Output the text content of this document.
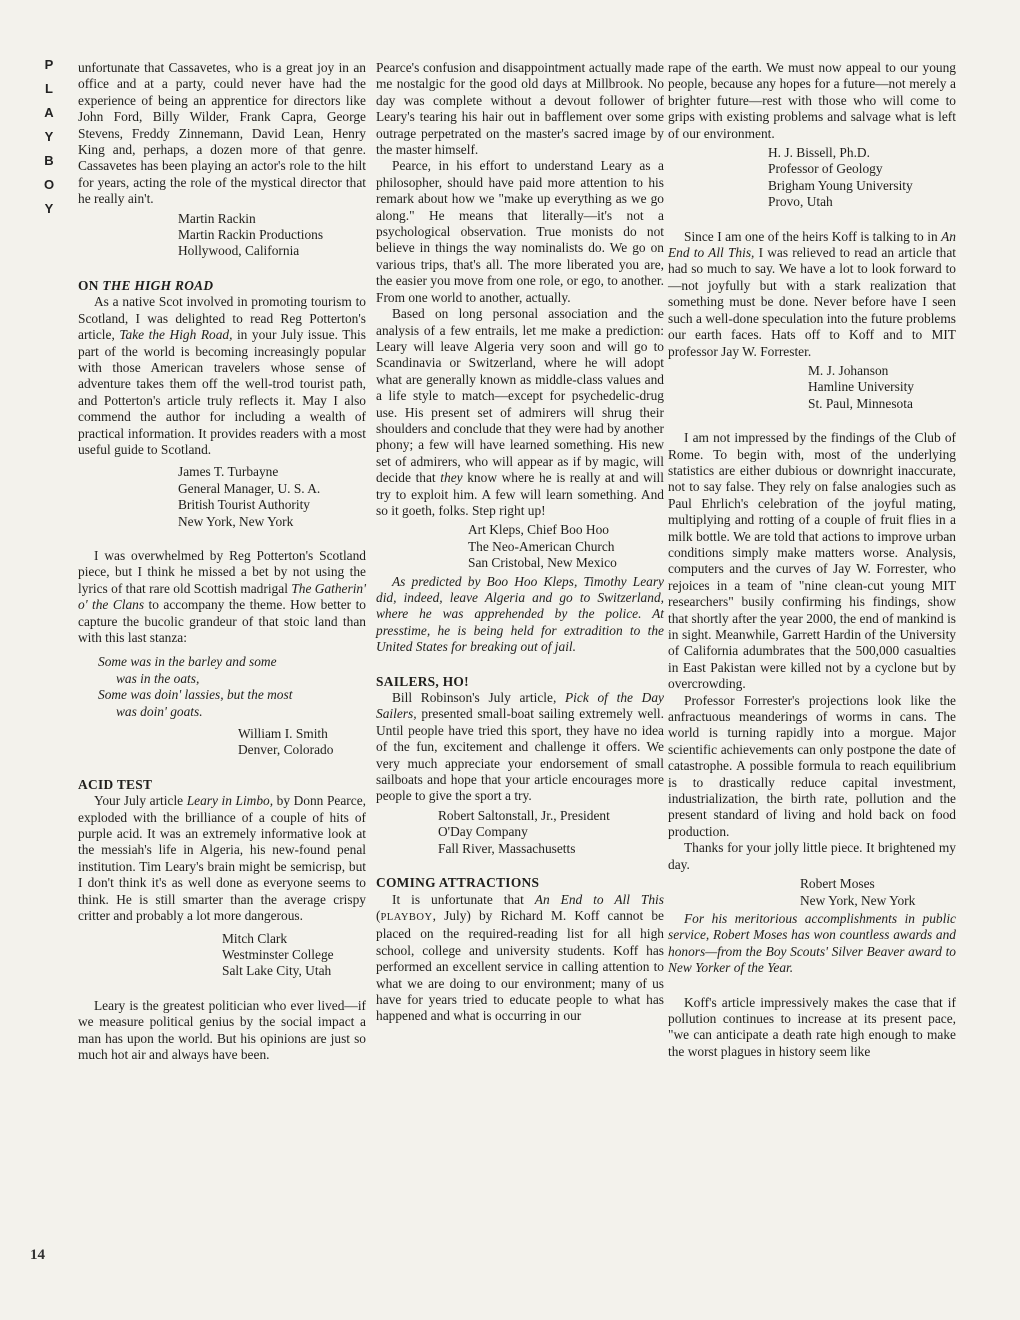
P
L
A
Y
B
O
Y
14

unfortunate that Cassavetes, who is a great joy in an office and at a party, could never have had the experience of being an apprentice for directors like John Ford, Billy Wilder, Frank Capra, George Stevens, Freddy Zinnemann, David Lean, Henry King and, perhaps, a dozen more of that genre. Cassavetes has been playing an actor's role to the hilt for years, acting the role of the mystical director that he really ain't.

Martin Rackin
Martin Rackin Productions
Hollywood, California
ON THE HIGH ROAD

As a native Scot involved in promoting tourism to Scotland, I was delighted to read Reg Potterton's article, Take the High Road, in your July issue. This part of the world is becoming increasingly popular with those American travelers whose sense of adventure takes them off the well-trod tourist path, and Potterton's article truly reflects it. May I also commend the author for including a wealth of practical information. It provides readers with a most useful guide to Scotland.

James T. Turbayne
General Manager, U. S. A.
British Tourist Authority
New York, New York

I was overwhelmed by Reg Potterton's Scotland piece, but I think he missed a bet by not using the lyrics of that rare old Scottish madrigal The Gatherin' o' the Clans to accompany the theme. How better to capture the bucolic grandeur of that stoic land than with this last stanza:

Some was in the barley and some
was in the oats,
Some was doin' lassies, but the most
was doin' goats.
William I. Smith
Denver, Colorado
ACID TEST

Your July article Leary in Limbo, by Donn Pearce, exploded with the brilliance of a couple of hits of purple acid. It was an extremely informative look at the messiah's life in Algeria, his new-found penal institution. Tim Leary's brain might be semicrisp, but I don't think it's as well done as everyone seems to think. He is still smarter than the average crispy critter and probably a lot more dangerous.

Mitch Clark
Westminster College
Salt Lake City, Utah

Leary is the greatest politician who ever lived—if we measure political genius by the social impact a man has upon the world. But his opinions are just so much hot air and always have been.

Pearce's confusion and disappointment actually made me nostalgic for the good old days at Millbrook. No day was complete without a devout follower of Leary's tearing his hair out in bafflement over some outrage perpetrated on the master's sacred image by the master himself.

Pearce, in his effort to understand Leary as a philosopher, should have paid more attention to his remark about how we "make up everything as we go along." He means that literally—it's not a psychological observation. True monists do not believe in things the way nominalists do. We go on various trips, that's all. The more liberated you are, the easier you move from one role, or ego, to another. From one world to another, actually.

Based on long personal association and the analysis of a few entrails, let me make a prediction: Leary will leave Algeria very soon and will go to Scandinavia or Switzerland, where he will adopt what are generally known as middle-class values and a life style to match—except for psychedelic-drug use. His present set of admirers will shrug their shoulders and conclude that they were had by another phony; a few will have learned something. His new set of admirers, who will appear as if by magic, will decide that they know where he is really at and will try to exploit him. A few will learn something. And so it goeth, folks. Step right up!

Art Kleps, Chief Boo Hoo
The Neo-American Church
San Cristobal, New Mexico

As predicted by Boo Hoo Kleps, Timothy Leary did, indeed, leave Algeria and go to Switzerland, where he was apprehended by the police. At presstime, he is being held for extradition to the United States for breaking out of jail.

SAILERS, HO!

Bill Robinson's July article, Pick of the Day Sailers, presented small-boat sailing extremely well. Until people have tried this sport, they have no idea of the fun, excitement and challenge it offers. We very much appreciate your endorsement of small sailboats and hope that your article encourages more people to give the sport a try.

Robert Saltonstall, Jr., President
O'Day Company
Fall River, Massachusetts
COMING ATTRACTIONS

It is unfortunate that An End to All This (PLAYBOY, July) by Richard M. Koff cannot be placed on the required-reading list for all high school, college and university students. Koff has performed an excellent service in calling attention to what we are doing to our environment; many of us have for years tried to educate people to what has happened and what is occurring in our

rape of the earth. We must now appeal to our young people, because any hopes for a future—not merely a brighter future—rest with those who will come to grips with existing problems and salvage what is left of our environment.

H. J. Bissell, Ph.D.
Professor of Geology
Brigham Young University
Provo, Utah

Since I am one of the heirs Koff is talking to in An End to All This, I was relieved to read an article that had so much to say. We have a lot to look forward to—not joyfully but with a stark realization that something must be done. Never before have I seen such a well-done speculation into the future problems our earth faces. Hats off to Koff and to MIT professor Jay W. Forrester.

M. J. Johanson
Hamline University
St. Paul, Minnesota

I am not impressed by the findings of the Club of Rome. To begin with, most of the underlying statistics are either dubious or downright inaccurate, not to say false. They rely on false analogies such as Paul Ehrlich's celebration of the joyful mating, multiplying and rotting of a couple of fruit flies in a milk bottle. We are told that actions to improve urban conditions simply make matters worse. Analysis, computers and the curves of Jay W. Forrester, who rejoices in a team of "nine clean-cut young MIT researchers" busily confirming his findings, show that shortly after the year 2000, the end of mankind is in sight. Meanwhile, Garrett Hardin of the University of California adumbrates that the 500,000 casualties in East Pakistan were killed not by a cyclone but by overcrowding.

Professor Forrester's projections look like the anfractuous meanderings of worms in cans. The world is turning rapidly into a morgue. Major scientific achievements can only postpone the date of catastrophe. A possible formula to reach equilibrium is to drastically reduce capital investment, industrialization, the birth rate, pollution and the present standard of living and hold back on food production.

Thanks for your jolly little piece. It brightened my day.

Robert Moses
New York, New York

For his meritorious accomplishments in public service, Robert Moses has won countless awards and honors—from the Boy Scouts' Silver Beaver award to New Yorker of the Year.

Koff's article impressively makes the case that if pollution continues to increase at its present pace, "we can anticipate a death rate high enough to make the worst plagues in history seem like
